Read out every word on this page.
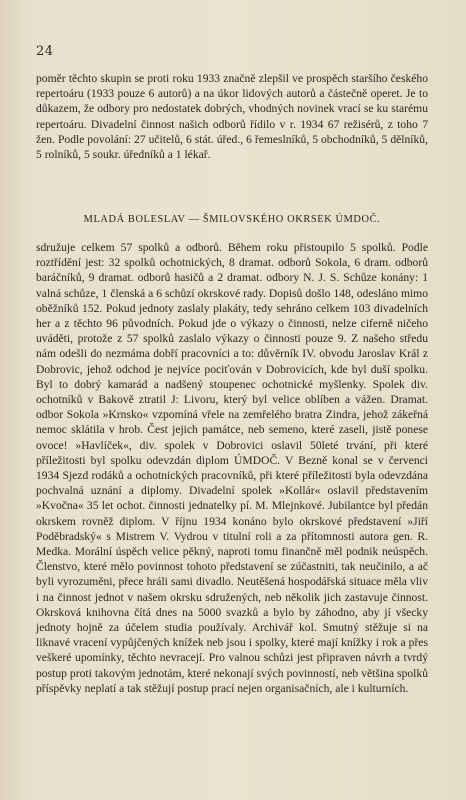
24

poměr těchto skupin se proti roku 1933 značně zlepšil ve prospěch staršího českého repertoáru (1933 pouze 6 autorů) a na úkor lidových autorů a částečně operet. Je to důkazem, že odbory pro nedostatek dobrých, vhodných novinek vrací se ku starému repertoáru. Divadelní činnost našich odborů řídilo v r. 1934 67 režisérů, z toho 7 žen. Podle povolání: 27 učitelů, 6 stát. úřed., 6 řemeslníků, 5 obchodníků, 5 dělníků, 5 rolníků, 5 soukr. úředníků a 1 lékař.

MLADÁ BOLESLAV — ŠMILOVSKÉHO OKRSEK ÚMDOČ.

sdružuje celkem 57 spolků a odborů. Během roku přistoupilo 5 spolků. Podle roztřídění jest: 32 spolků ochotnických, 8 dramat. odborů Sokola, 6 dram. odborů baráčníků, 9 dramat. odborů hasičů a 2 dramat. odbory N. J. S. Schůze konány: 1 valná schůze, 1 členská a 6 schůzí okrskové rady. Dopisů došlo 148, odesláno mimo oběžníků 152. Pokud jednoty zaslaly plakáty, tedy sehráno celkem 103 divadelních her a z těchto 96 původních. Pokud jde o výkazy o činnosti, nelze ciferně ničeho uváděti, protože z 57 spolků zaslalo výkazy o činnosti pouze 9. Z našeho středu nám odešli do nezmáma dobří pracovníci a to: důvěrník IV. obvodu Jaroslav Král z Dobrovic, jehož odchod je nejvíce pociťován v Dobrovicích, kde byl duší spolku. Byl to dobrý kamarád a nadšený stoupenec ochotnické myšlenky. Spolek div. ochotníků v Bakově ztratil J: Livoru, který byl velice oblíben a vážen. Dramat. odbor Sokola »Krnsko« vzpomíná vřele na zemřelého bratra Zindra, jehož zákeřná nemoc sklátila v hrob. Čest jejich památce, neb semeno, které zaseli, jistě ponese ovoce! »Havlíček«, div. spolek v Dobrovici oslavil 50leté trvání, při které příležitosti byl spolku odevzdán diplom ÚMDOČ. V Bezně konal se v červenci 1934 Sjezd rodáků a ochotnických pracovníků, při které příležitosti byla odevzdána pochvalná uznání a diplomy. Divadelní spolek »Kollár« oslavil představením »Kvočna« 35 let ochot. činnosti jednatelky pí. M. Mlejnkové. Jubilantce byl předán okrskem rovněž diplom. V říjnu 1934 konáno bylo okrskové představení »Jiří Poděbradský« s Mistrem V. Vydrou v titulní roli a za přítomnosti autora gen. R. Medka. Morální úspěch velice pěkný, naproti tomu finančně měl podnik neúspěch. Členstvo, které mělo povinnost tohoto představení se zúčastniti, tak neučinilo, a ač byli vyrozuměni, přece hráli sami divadlo. Neutěšená hospodářská situace měla vliv i na činnost jednot v našem okrsku sdružených, neb několik jich zastavuje činnost. Okrsková knihovna čítá dnes na 5000 svazků a bylo by záhodno, aby jí všecky jednoty hojně za účelem studia používaly. Archivář kol. Smutný stěžuje si na liknavé vracení vypůjčených knížek neb jsou i spolky, které mají knížky i rok a přes veškeré upomínky, těchto nevracejí. Pro valnou schůzi jest připraven návrh a tvrdý postup proti takovým jednotám, které nekonají svých povinností, neb většina spolků příspěvky neplatí a tak stěžují postup prací nejen organisačních, ale i kulturních.
